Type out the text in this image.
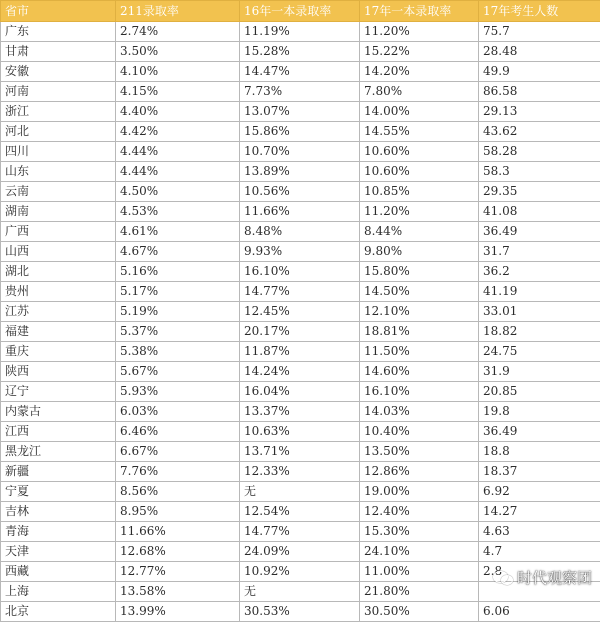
省市	211录取率	16年一本录取率	17年一本录取率	17年考生人数
广东	2.74%	11.19%	11.20%	75.7
甘肃	3.50%	15.28%	15.22%	28.48
安徽	4.10%	14.47%	14.20%	49.9
河南	4.15%	7.73%	7.80%	86.58
浙江	4.40%	13.07%	14.00%	29.13
河北	4.42%	15.86%	14.55%	43.62
四川	4.44%	10.70%	10.60%	58.28
山东	4.44%	13.89%	10.60%	58.3
云南	4.50%	10.56%	10.85%	29.35
湖南	4.53%	11.66%	11.20%	41.08
广西	4.61%	8.48%	8.44%	36.49
山西	4.67%	9.93%	9.80%	31.7
湖北	5.16%	16.10%	15.80%	36.2
贵州	5.17%	14.77%	14.50%	41.19
江苏	5.19%	12.45%	12.10%	33.01
福建	5.37%	20.17%	18.81%	18.82
重庆	5.38%	11.87%	11.50%	24.75
陕西	5.67%	14.24%	14.60%	31.9
辽宁	5.93%	16.04%	16.10%	20.85
内蒙古	6.03%	13.37%	14.03%	19.8
江西	6.46%	10.63%	10.40%	36.49
黑龙江	6.67%	13.71%	13.50%	18.8
新疆	7.76%	12.33%	12.86%	18.37
宁夏	8.56%	无	19.00%	6.92
吉林	8.95%	12.54%	12.40%	14.27
青海	11.66%	14.77%	15.30%	4.63
天津	12.68%	24.09%	24.10%	4.7
西藏	12.77%	10.92%	11.00%	2.8
上海	13.58%	无	21.80%	
北京	13.99%	30.53%	30.50%	6.06
时代观察团
